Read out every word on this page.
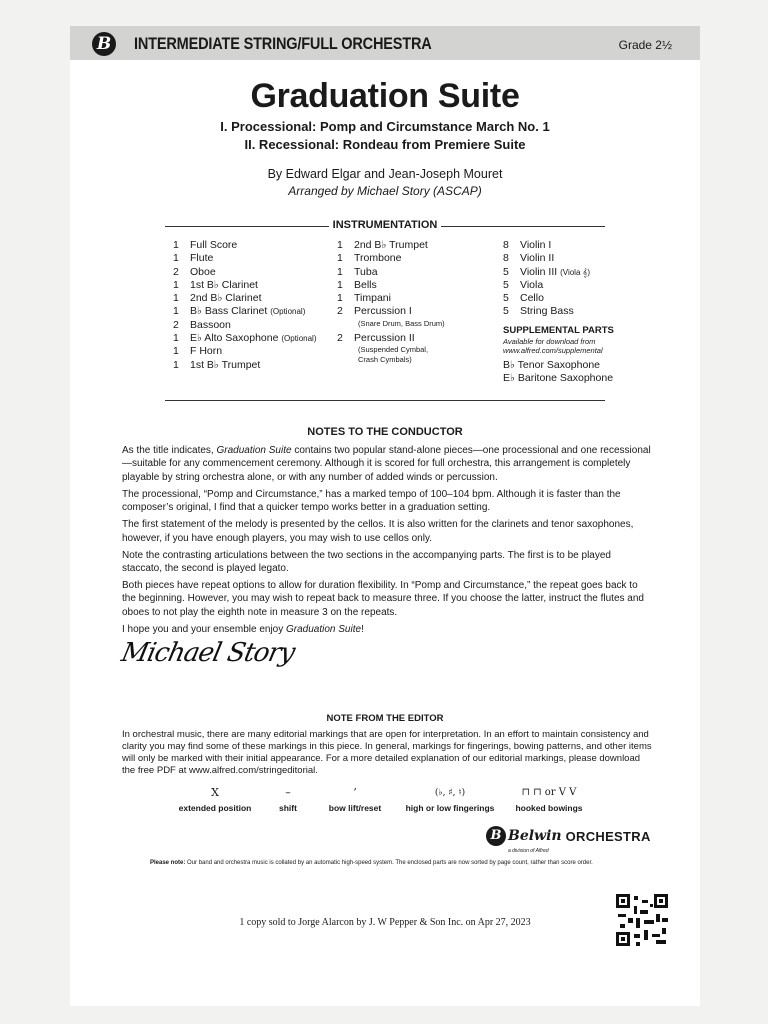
B INTERMEDIATE STRING/FULL ORCHESTRA	Grade 2½
Graduation Suite
I. Processional: Pomp and Circumstance March No. 1
II. Recessional: Rondeau from Premiere Suite
By Edward Elgar and Jean-Joseph Mouret
Arranged by Michael Story (ASCAP)
INSTRUMENTATION
1	Full Score
1	Flute
2	Oboe
1	1st B♭ Clarinet
1	2nd B♭ Clarinet
1	B♭ Bass Clarinet
(Optional)
2	Bassoon
1	E♭ Alto Saxophone
(Optional)
1	F Horn
1	1st B♭ Trumpet
1	2nd B♭ Trumpet
1	Trombone
1	Tuba
1	Bells
1	Timpani
2	Percussion I
(Snare Drum, Bass Drum)
2	Percussion II
(Suspended Cymbal,
Crash Cymbals)
8	Violin I
8	Violin II
5	Violin III
(Viola 𝄞)
5	Viola
5	Cello
5	String Bass
SUPPLEMENTAL PARTS
Available for download from
www.alfred.com/supplemental
B♭ Tenor Saxophone
E♭ Baritone Saxophone
NOTES TO THE CONDUCTOR

As the title indicates, Graduation Suite contains two popular stand-alone pieces—one processional and one recessional—suitable for any commencement ceremony. Although it is scored for full orchestra, this arrangement is completely playable by string orchestra alone, or with any number of added winds or percussion.

The processional, “Pomp and Circumstance,” has a marked tempo of 100–104 bpm. Although it is faster than the composer’s original, I find that a quicker tempo works better in a graduation setting.

The first statement of the melody is presented by the cellos. It is also written for the clarinets and tenor saxophones, however, if you have enough players, you may wish to use cellos only.

Note the contrasting articulations between the two sections in the accompanying parts. The first is to be played staccato, the second is played legato.

Both pieces have repeat options to allow for duration flexibility. In “Pomp and Circumstance,” the repeat goes back to the beginning. However, you may wish to repeat back to measure three. If you choose the latter, instruct the flutes and oboes to not play the eighth note in measure 3 on the repeats.

I hope you and your ensemble enjoy Graduation Suite!

Michael Story
NOTE FROM THE EDITOR
In orchestral music, there are many editorial markings that are open for interpretation. In an effort to maintain consistency and clarity you may find some of these markings in this piece. In general, markings for fingerings, bowing patterns, and other items will only be marked with their initial appearance. For a more detailed explanation of our editorial markings, please download the free PDF at www.alfred.com/stringeditorial.
X
extended position
–
shift
’
bow lift/reset
(♭, ♯, ♮)
high or low fingerings
⊓ ⊓ or V V
hooked bowings
B Belwin ORCHESTRA
a division of Alfred
Please note: Our band and orchestra music is collated by an automatic high-speed system. The enclosed parts are now sorted by page count, rather than score order.
1 copy sold to Jorge Alarcon by J. W Pepper & Son Inc. on Apr 27, 2023
